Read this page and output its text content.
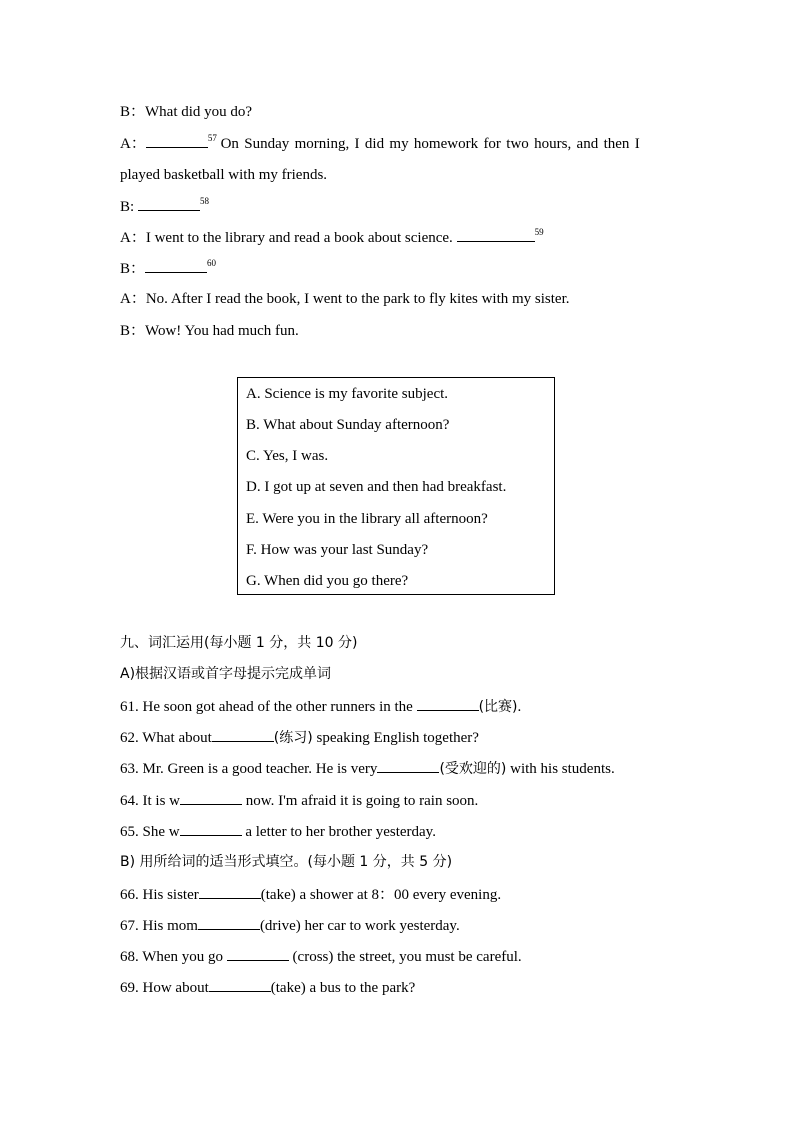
B：What did you do?
A：	$^{57}$ On Sunday morning, I did my homework for two hours, and then I
played basketball with my friends.
B:	$^{58}$
A：I went to the library and read a book about science.	$^{59}$
B：	$^{60}$
A：No. After I read the book, I went to the park to fly kites with my sister.
B：Wow! You had much fun.
A. Science is my favorite subject.
B. What about Sunday afternoon?
C. Yes, I was.
D. I got up at seven and then had breakfast.
E. Were you in the library all afternoon?
F. How was your last Sunday?
G. When did you go there?
九、词汇运用(每小题 1 分，共 10 分)
A)根据汉语或首字母提示完成单词
61. He soon got ahead of the other runners in the	(比赛).
62. What about	(练习) speaking English together?
63. Mr. Green is a good teacher. He is very	(受欢迎的) with his students.
64. It is w	now. I'm afraid it is going to rain soon.
65. She w	a letter to her brother yesterday.
B) 用所给词的适当形式填空。(每小题 1 分，共 5 分)
66. His sister	(take) a shower at 8：00 every evening.
67. His mom	(drive) her car to work yesterday.
68. When you go	(cross) the street, you must be careful.
69. How about	(take) a bus to the park?
